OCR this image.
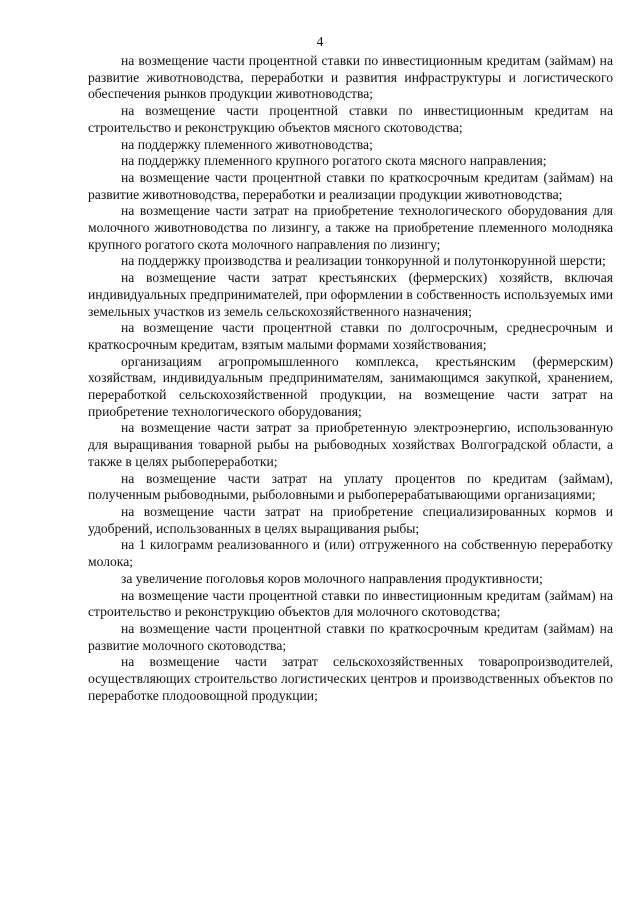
4

на возмещение части процентной ставки по инвестиционным кредитам (займам) на развитие животноводства, переработки и развития инфраструктуры и логистического обеспечения рынков продукции животноводства;

на возмещение части процентной ставки по инвестиционным кредитам на строительство и реконструкцию объектов мясного скотоводства;

на поддержку племенного животноводства;

на поддержку племенного крупного рогатого скота мясного направления;

на возмещение части процентной ставки по краткосрочным кредитам (займам) на развитие животноводства, переработки и реализации продукции животноводства;

на возмещение части затрат на приобретение технологического оборудования для молочного животноводства по лизингу, а также на приобретение племенного молодняка крупного рогатого скота молочного направления по лизингу;

на поддержку производства и реализации тонкорунной и полутонкорунной шерсти;

на возмещение части затрат крестьянских (фермерских) хозяйств, включая индивидуальных предпринимателей, при оформлении в собственность используемых ими земельных участков из земель сельскохозяйственного назначения;

на возмещение части процентной ставки по долгосрочным, среднесрочным и краткосрочным кредитам, взятым малыми формами хозяйствования;

организациям агропромышленного комплекса, крестьянским (фермерским) хозяйствам, индивидуальным предпринимателям, занимающимся закупкой, хранением, переработкой сельскохозяйственной продукции, на возмещение части затрат на приобретение технологического оборудования;

на возмещение части затрат за приобретенную электроэнергию, использованную для выращивания товарной рыбы на рыбоводных хозяйствах Волгоградской области, а также в целях рыбопереработки;

на возмещение части затрат на уплату процентов по кредитам (займам), полученным рыбоводными, рыболовными и рыбоперерабатывающими организациями;

на возмещение части затрат на приобретение специализированных кормов и удобрений, использованных в целях выращивания рыбы;

на 1 килограмм реализованного и (или) отгруженного на собственную переработку молока;

за увеличение поголовья коров молочного направления продуктивности;

на возмещение части процентной ставки по инвестиционным кредитам (займам) на строительство и реконструкцию объектов для молочного скотоводства;

на возмещение части процентной ставки по краткосрочным кредитам (займам) на развитие молочного скотоводства;

на возмещение части затрат сельскохозяйственных товаропроизводителей, осуществляющих строительство логистических центров и производственных объектов по переработке плодоовощной продукции;
